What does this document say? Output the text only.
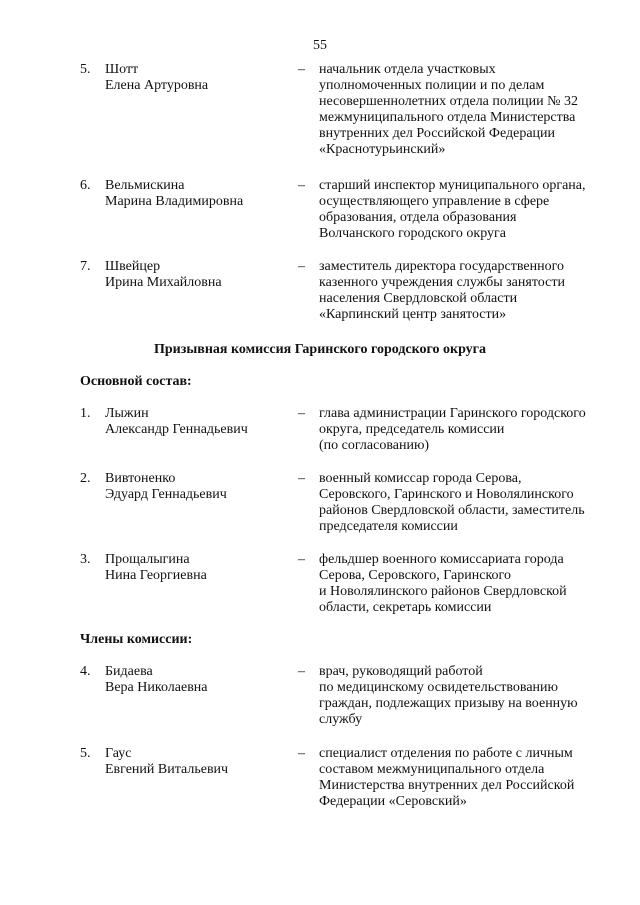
55
5.	Шотт
Елена Артуровна
– начальник отдела участковых
уполномоченных полиции и по делам
несовершеннолетних отдела полиции № 32
межмуниципального отдела Министерства
внутренних дел Российской Федерации
«Краснотурьинский»
6.	Вельмискина
Марина Владимировна
– старший инспектор муниципального органа,
осуществляющего управление в сфере
образования, отдела образования
Волчанского городского округа
7.	Швейцер
Ирина Михайловна
– заместитель директора государственного
казенного учреждения службы занятости
населения Свердловской области
«Карпинский центр занятости»
Призывная комиссия Гаринского городского округа
Основной состав:
1.	Лыжин
Александр Геннадьевич
– глава администрации Гаринского городского
округа, председатель комиссии
(по согласованию)
2.	Вивтоненко
Эдуард Геннадьевич
– военный комиссар города Серова,
Серовского, Гаринского и Новолялинского
районов Свердловской области, заместитель
председателя комиссии
3.	Прощалыгина
Нина Георгиевна
– фельдшер военного комиссариата города
Серова, Серовского, Гаринского
и Новолялинского районов Свердловской
области, секретарь комиссии
Члены комиссии:
4.	Бидаева
Вера Николаевна
– врач, руководящий работой
по медицинскому освидетельствованию
граждан, подлежащих призыву на военную
службу
5.	Гаус
Евгений Витальевич
– специалист отделения по работе с личным
составом межмуниципального отдела
Министерства внутренних дел Российской
Федерации «Серовский»
